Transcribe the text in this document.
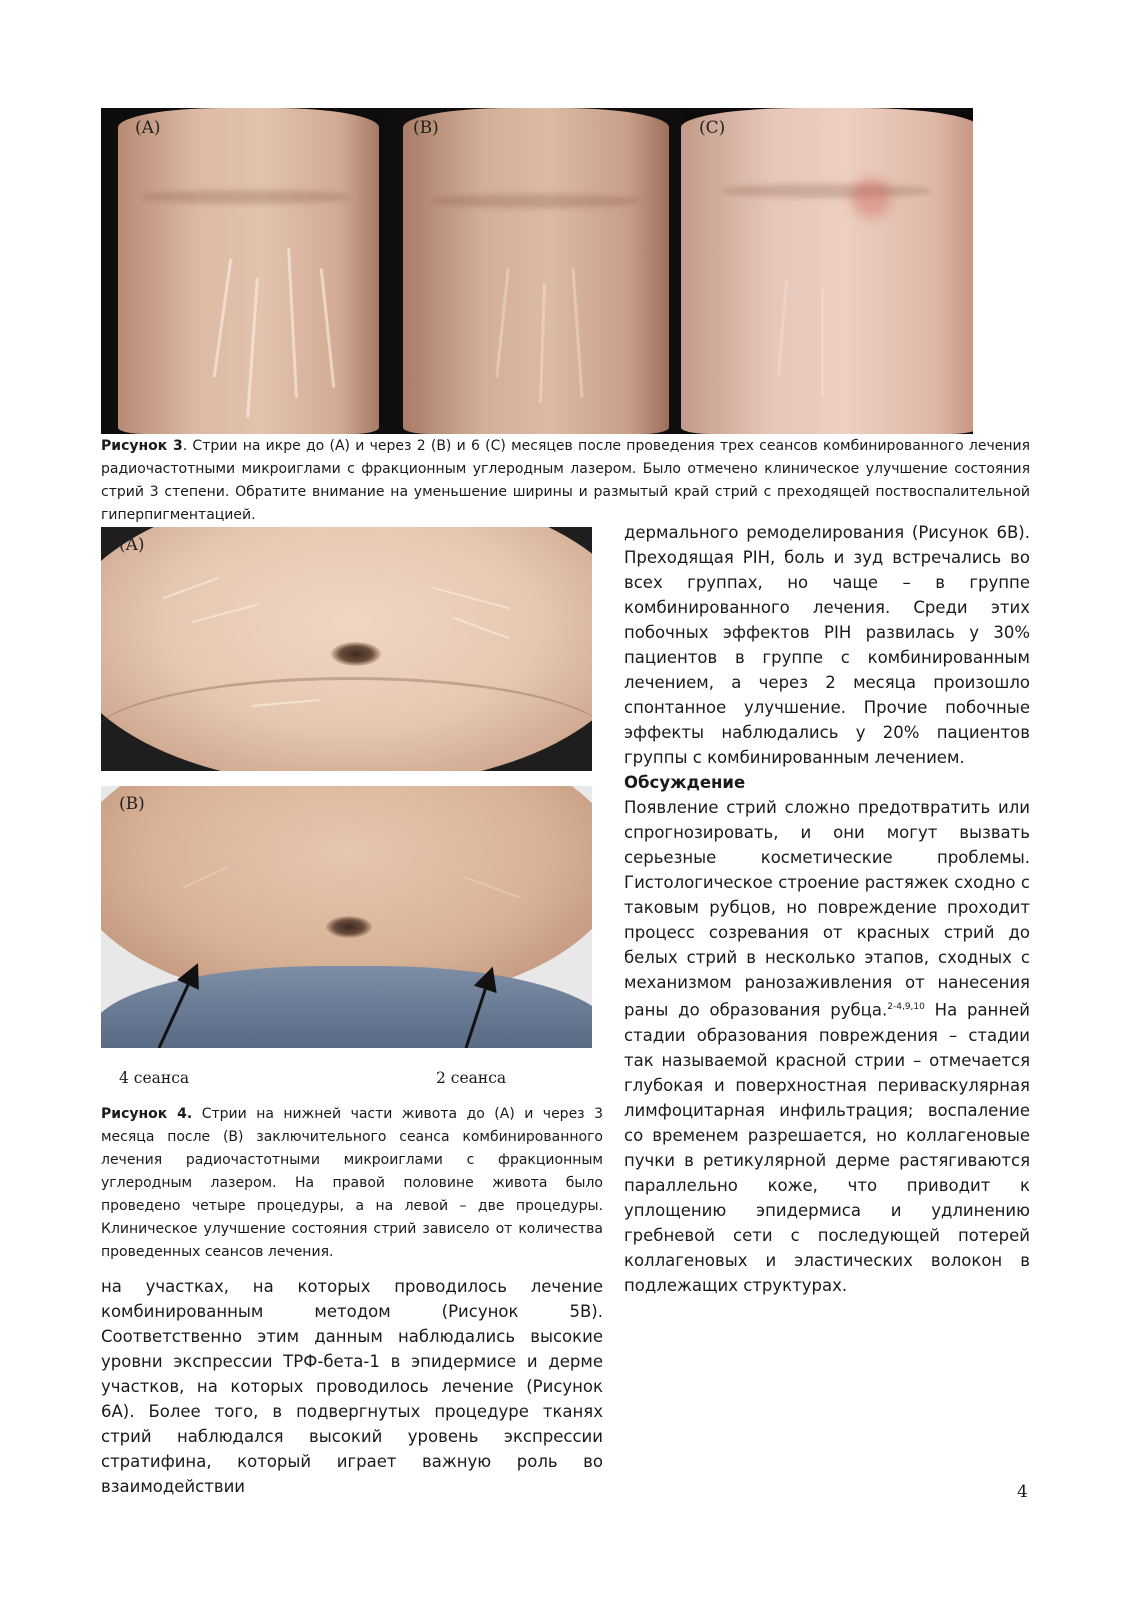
(A)	(B)	(C)
Рисунок 3. Стрии на икре до (A) и через 2 (B) и 6 (C) месяцев после проведения трех сеансов комбинированного лечения радиочастотными микроиглами с фракционным углеродным лазером. Было отмечено клиническое улучшение состояния стрий 3 степени. Обратите внимание на уменьшение ширины и размытый край стрий с преходящей поствоспалительной гиперпигментацией.
(A)
(B)
4 сеанса	2 сеанса
Рисунок 4. Стрии на нижней части живота до (A) и через 3 месяца после (B) заключительного сеанса комбинированного лечения радиочастотными микроиглами с фракционным углеродным лазером. На правой половине живота было проведено четыре процедуры, а на левой – две процедуры. Клиническое улучшение состояния стрий зависело от количества проведенных сеансов лечения.

на участках, на которых проводилось лечение комбинированным методом (Рисунок 5B). Соответственно этим данным наблюдались высокие уровни экспрессии ТРФ-бета-1 в эпидермисе и дерме участков, на которых проводилось лечение (Рисунок 6A). Более того, в подвергнутых процедуре тканях стрий наблюдался высокий уровень экспрессии стратифина, который играет важную роль во взаимодействии

дермального ремоделирования (Рисунок 6B). Преходящая PIH, боль и зуд встречались во всех группах, но чаще – в группе комбинированного лечения. Среди этих побочных эффектов PIH развилась у 30% пациентов в группе с комбинированным лечением, а через 2 месяца произошло спонтанное улучшение. Прочие побочные эффекты наблюдались у 20% пациентов группы с комбинированным лечением.

Обсуждение

Появление стрий сложно предотвратить или спрогнозировать, и они могут вызвать серьезные косметические проблемы. Гистологическое строение растяжек сходно с таковым рубцов, но повреждение проходит процесс созревания от красных стрий до белых стрий в несколько этапов, сходных с механизмом ранозаживления от нанесения раны до образования рубца.$^{2-4,9,10}$ На ранней стадии образования повреждения – стадии так называемой красной стрии – отмечается глубокая и поверхностная периваскулярная лимфоцитарная инфильтрация; воспаление со временем разрешается, но коллагеновые пучки в ретикулярной дерме растягиваются параллельно коже, что приводит к уплощению эпидермиса и удлинению гребневой сети с последующей потерей коллагеновых и эластических волокон в подлежащих структурах.

4
